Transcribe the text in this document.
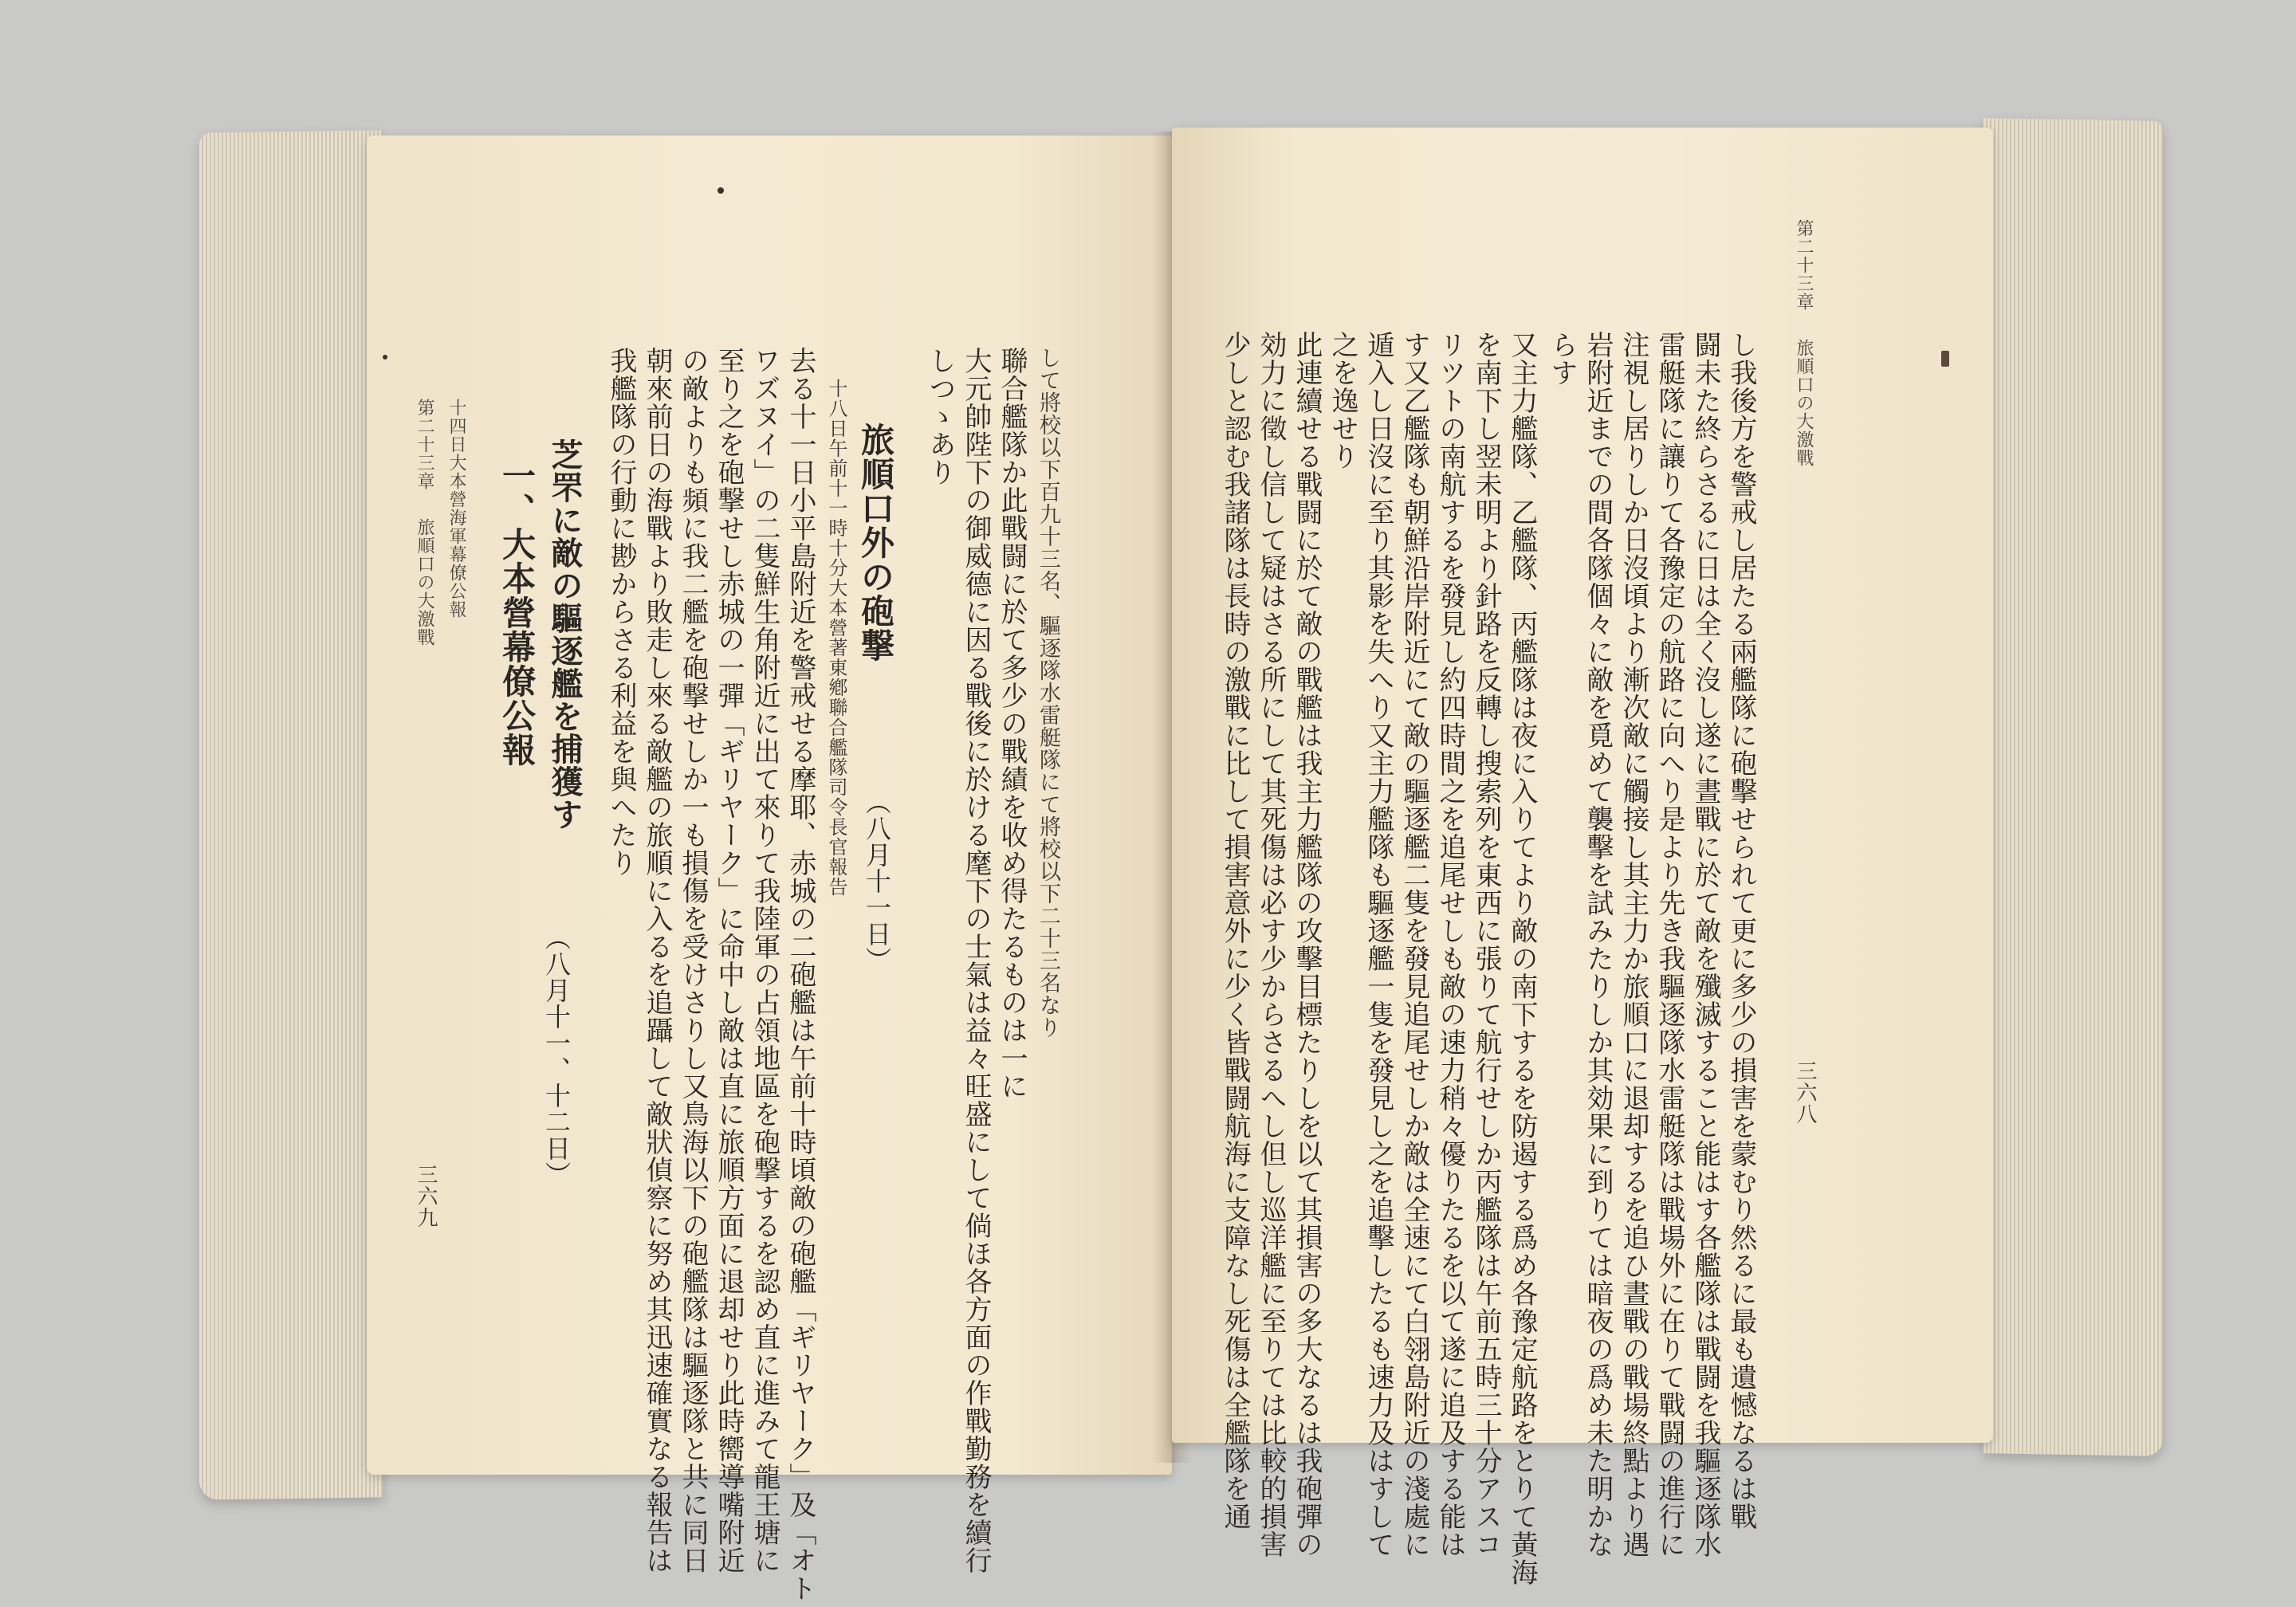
第二十三章
旅順口の大激戰 十四日大本營海軍幕僚公報
三六九
一、大本營幕僚公報
（八月十一、十二日）
芝罘に敵の驅逐艦を捕獲す 我艦隊の行動に尠からさる利益を與へたり 朝來前日の海戰より敗走し來る敵艦の旅順に入るを追躡して敵狀偵察に努め其迅速確實なる報告は の敵よりも頻に我二艦を砲撃せしか一も損傷を受けさりし又鳥海以下の砲艦隊は驅逐隊と共に同日 至り之を砲撃せし赤城の一彈「ギリヤーク」に命中し敵は直に旅順方面に退却せり此時嚮導嘴附近 ワズヌイ」の二隻鮮生角附近に出て來りて我陸軍の占領地區を砲撃するを認め直に進みて龍王塘に 去る十一日小平島附近を警戒せる摩耶、赤城の二砲艦は午前十時頃敵の砲艦「ギリヤーク」及「オト 十八日午前十一時十分大本營著東鄕聯合艦隊司令長官報告 旅順口外の砲撃
（八月十一日）
しつゝあり 大元帥陛下の御威德に因る戰後に於ける麾下の士氣は益々旺盛にして倘ほ各方面の作戰勤務を續行 聯合艦隊か此戰闘に於て多少の戰績を收め得たるものは一に して將校以下百九十三名、驅逐隊水雷艇隊にて將校以下二十三名なり	少しと認む我諸隊は長時の激戰に比して損害意外に少く皆戰闘航海に支障なし死傷は全艦隊を通 効力に徵し信して疑はさる所にして其死傷は必す少からさるへし但し巡洋艦に至りては比較的損害 此連續せる戰闘に於て敵の戰艦は我主力艦隊の攻擊目標たりしを以て其損害の多大なるは我砲彈の 之を逸せり 遁入し日沒に至り其影を失へり又主力艦隊も驅逐艦一隻を發見し之を追擊したるも速力及はすして す又乙艦隊も朝鮮沿岸附近にて敵の驅逐艦二隻を發見追尾せしか敵は全速にて白翎島附近の淺處に リツトの南航するを發見し約四時間之を追尾せしも敵の速力稍々優りたるを以て遂に追及する能は を南下し翌未明より針路を反轉し搜索列を東西に張りて航行せしか丙艦隊は午前五時三十分アスコ 又主力艦隊、乙艦隊、丙艦隊は夜に入りてより敵の南下するを防遏する爲め各豫定航路をとりて黃海 らす 岩附近までの間各隊個々に敵を覓めて襲擊を試みたりしか其効果に到りては暗夜の爲め未た明かな 注視し居りしか日沒頃より漸次敵に觸接し其主力か旅順口に退却するを追ひ晝戰の戰場終點より遇 雷艇隊に讓りて各豫定の航路に向へり是より先き我驅逐隊水雷艇隊は戰場外に在りて戰闘の進行に 闘未た終らさるに日は全く沒し遂に晝戰に於て敵を殲滅すること能はす各艦隊は戰闘を我驅逐隊水 し我後方を警戒し居たる兩艦隊に砲擊せられて更に多少の損害を蒙むり然るに最も遺憾なるは戰
第二十三章
旅順口の大激戰
三六八
